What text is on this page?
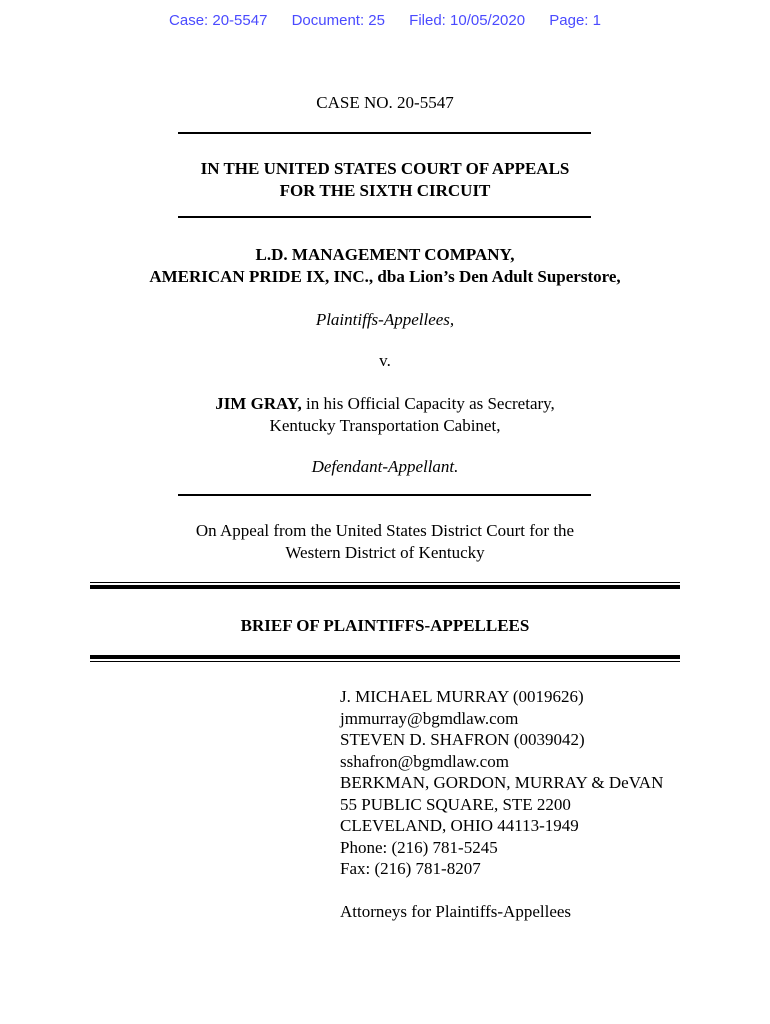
Case: 20-5547 Document: 25 Filed: 10/05/2020 Page: 1
CASE NO. 20-5547
IN THE UNITED STATES COURT OF APPEALS
FOR THE SIXTH CIRCUIT
L.D. MANAGEMENT COMPANY,
AMERICAN PRIDE IX, INC., dba Lion’s Den Adult Superstore,
Plaintiffs-Appellees,
v.
JIM GRAY, in his Official Capacity as Secretary,
Kentucky Transportation Cabinet,
Defendant-Appellant.
On Appeal from the United States District Court for the
Western District of Kentucky
BRIEF OF PLAINTIFFS-APPELLEES
J. MICHAEL MURRAY (0019626)
jmmurray@bgmdlaw.com
STEVEN D. SHAFRON (0039042)
sshafron@bgmdlaw.com
BERKMAN, GORDON, MURRAY & DeVAN
55 PUBLIC SQUARE, STE 2200
CLEVELAND, OHIO 44113-1949
Phone: (216) 781-5245
Fax: (216) 781-8207
Attorneys for Plaintiffs-Appellees
